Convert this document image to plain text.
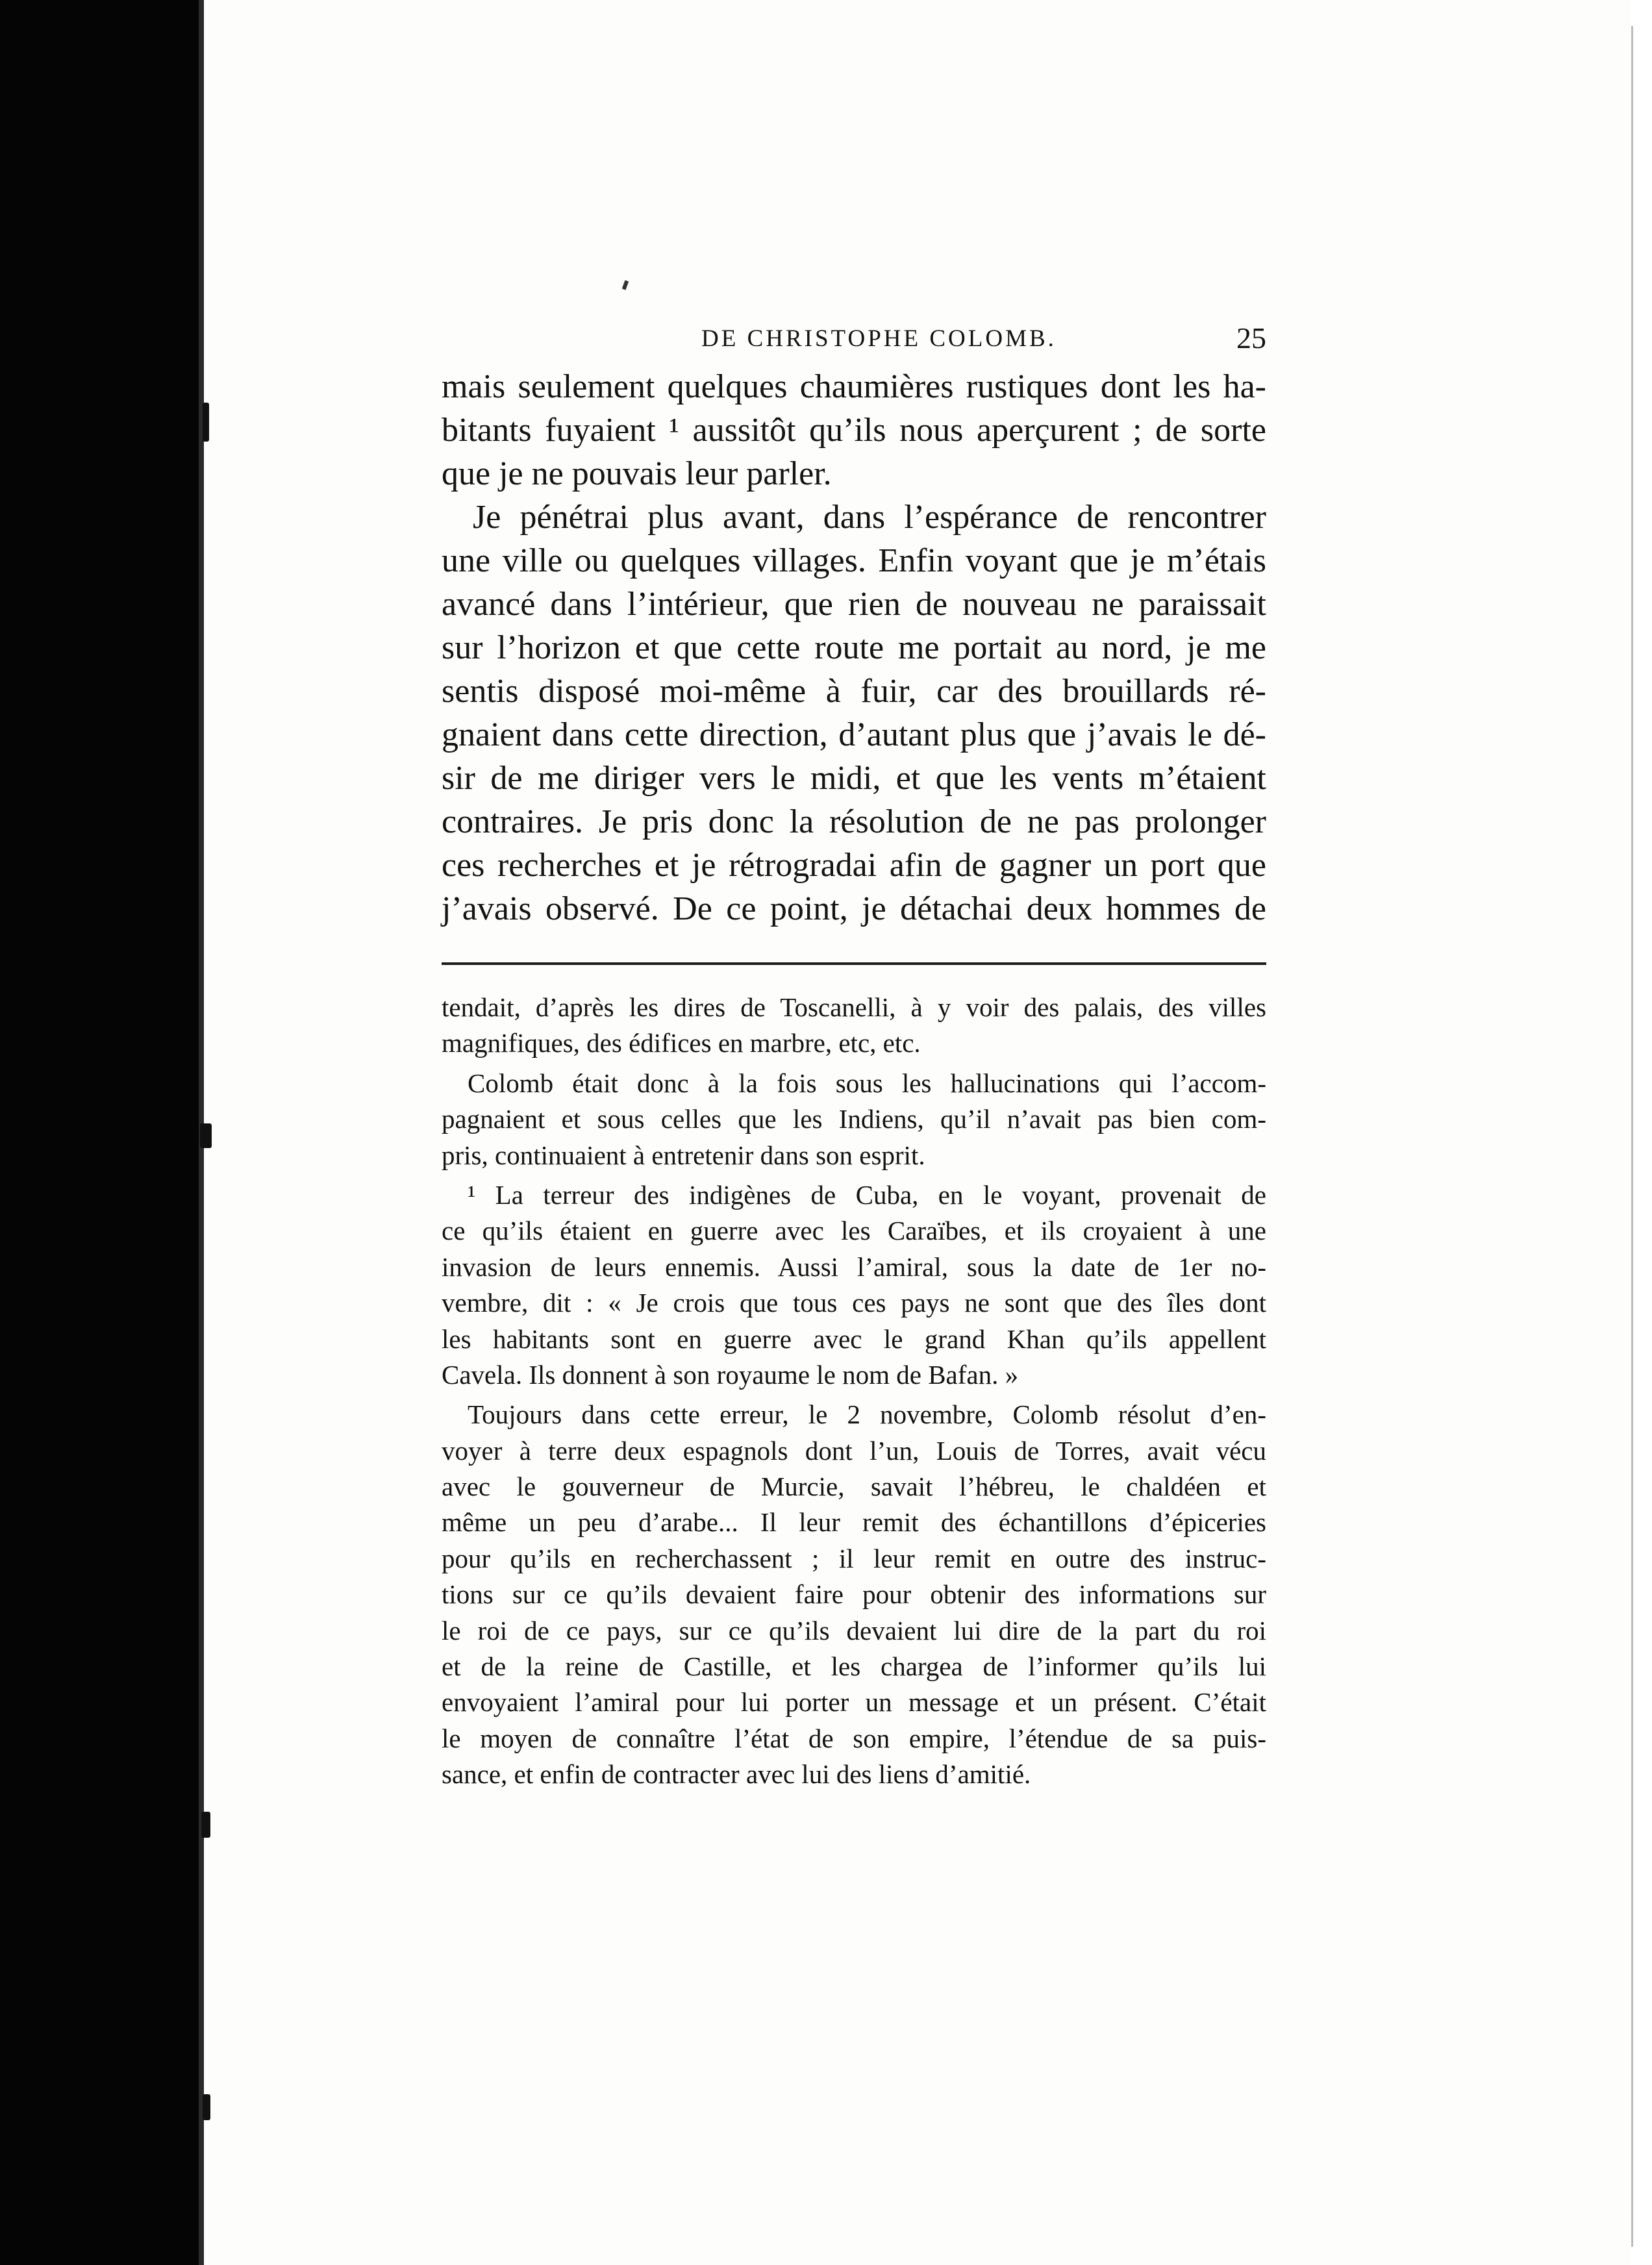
DE CHRISTOPHE COLOMB.	25
mais seulement quelques chaumières rustiques dont les ha-
bitants fuyaient ¹ aussitôt qu’ils nous aperçurent ; de sorte
que je ne pouvais leur parler.
Je pénétrai plus avant, dans l’espérance de rencontrer
une ville ou quelques villages. Enfin voyant que je m’étais
avancé dans l’intérieur, que rien de nouveau ne paraissait
sur l’horizon et que cette route me portait au nord, je me
sentis disposé moi-même à fuir, car des brouillards ré-
gnaient dans cette direction, d’autant plus que j’avais le dé-
sir de me diriger vers le midi, et que les vents m’étaient
contraires. Je pris donc la résolution de ne pas prolonger
ces recherches et je rétrogradai afin de gagner un port que
j’avais observé. De ce point, je détachai deux hommes de
tendait, d’après les dires de Toscanelli, à y voir des palais, des villes
magnifiques, des édifices en marbre, etc, etc.
Colomb était donc à la fois sous les hallucinations qui l’accom-
pagnaient et sous celles que les Indiens, qu’il n’avait pas bien com-
pris, continuaient à entretenir dans son esprit.
¹ La terreur des indigènes de Cuba, en le voyant, provenait de
ce qu’ils étaient en guerre avec les Caraïbes, et ils croyaient à une
invasion de leurs ennemis. Aussi l’amiral, sous la date de 1er no-
vembre, dit : « Je crois que tous ces pays ne sont que des îles dont
les habitants sont en guerre avec le grand Khan qu’ils appellent
Cavela. Ils donnent à son royaume le nom de Bafan. »
Toujours dans cette erreur, le 2 novembre, Colomb résolut d’en-
voyer à terre deux espagnols dont l’un, Louis de Torres, avait vécu
avec le gouverneur de Murcie, savait l’hébreu, le chaldéen et
même un peu d’arabe... Il leur remit des échantillons d’épiceries
pour qu’ils en recherchassent ; il leur remit en outre des instruc-
tions sur ce qu’ils devaient faire pour obtenir des informations sur
le roi de ce pays, sur ce qu’ils devaient lui dire de la part du roi
et de la reine de Castille, et les chargea de l’informer qu’ils lui
envoyaient l’amiral pour lui porter un message et un présent. C’était
le moyen de connaître l’état de son empire, l’étendue de sa puis-
sance, et enfin de contracter avec lui des liens d’amitié.
